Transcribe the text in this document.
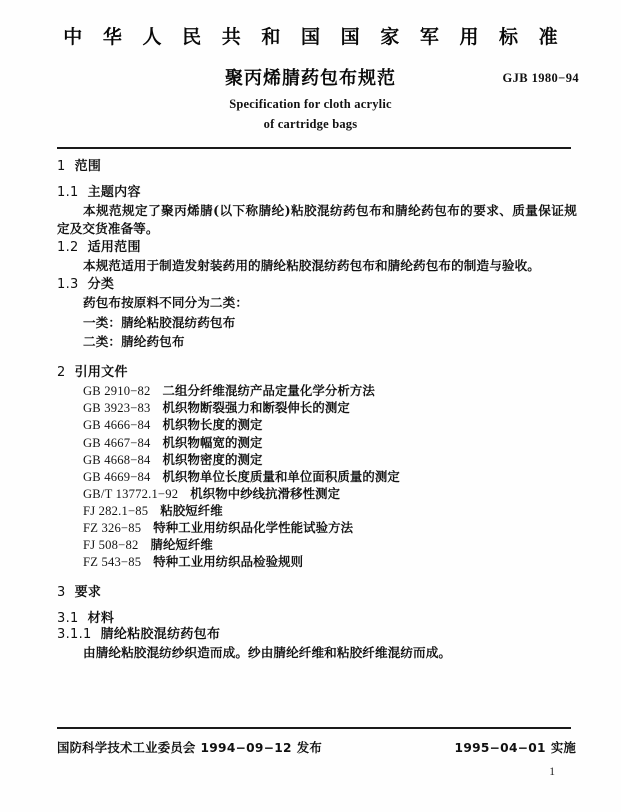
中 华 人 民 共 和 国 国 家 军 用 标 准
聚丙烯腈药包布规范	GJB 1980−94
Specification for cloth acrylic
of cartridge bags
1 范围
1.1 主题内容

本规范规定了聚丙烯腈(以下称腈纶)粘胶混纺药包布和腈纶药包布的要求、质量保证规定及交货准备等。

1.2 适用范围

本规范适用于制造发射装药用的腈纶粘胶混纺药包布和腈纶药包布的制造与验收。

1.3 分类

药包布按原料不同分为二类：

一类：腈纶粘胶混纺药包布

二类：腈纶药包布

2 引用文件
GB 2910−82 二组分纤维混纺产品定量化学分析方法
GB 3923−83 机织物断裂强力和断裂伸长的测定
GB 4666−84 机织物长度的测定
GB 4667−84 机织物幅宽的测定
GB 4668−84 机织物密度的测定
GB 4669−84 机织物单位长度质量和单位面积质量的测定
GB/T 13772.1−92 机织物中纱线抗滑移性测定
FJ 282.1−85 粘胶短纤维
FZ 326−85 特种工业用纺织品化学性能试验方法
FJ 508−82 腈纶短纤维
FZ 543−85 特种工业用纺织品检验规则
3 要求
3.1 材料
3.1.1 腈纶粘胶混纺药包布

由腈纶粘胶混纺纱织造而成。纱由腈纶纤维和粘胶纤维混纺而成。

国防科学技术工业委员会 1994−09−12 发布	1995−04−01 实施
1
